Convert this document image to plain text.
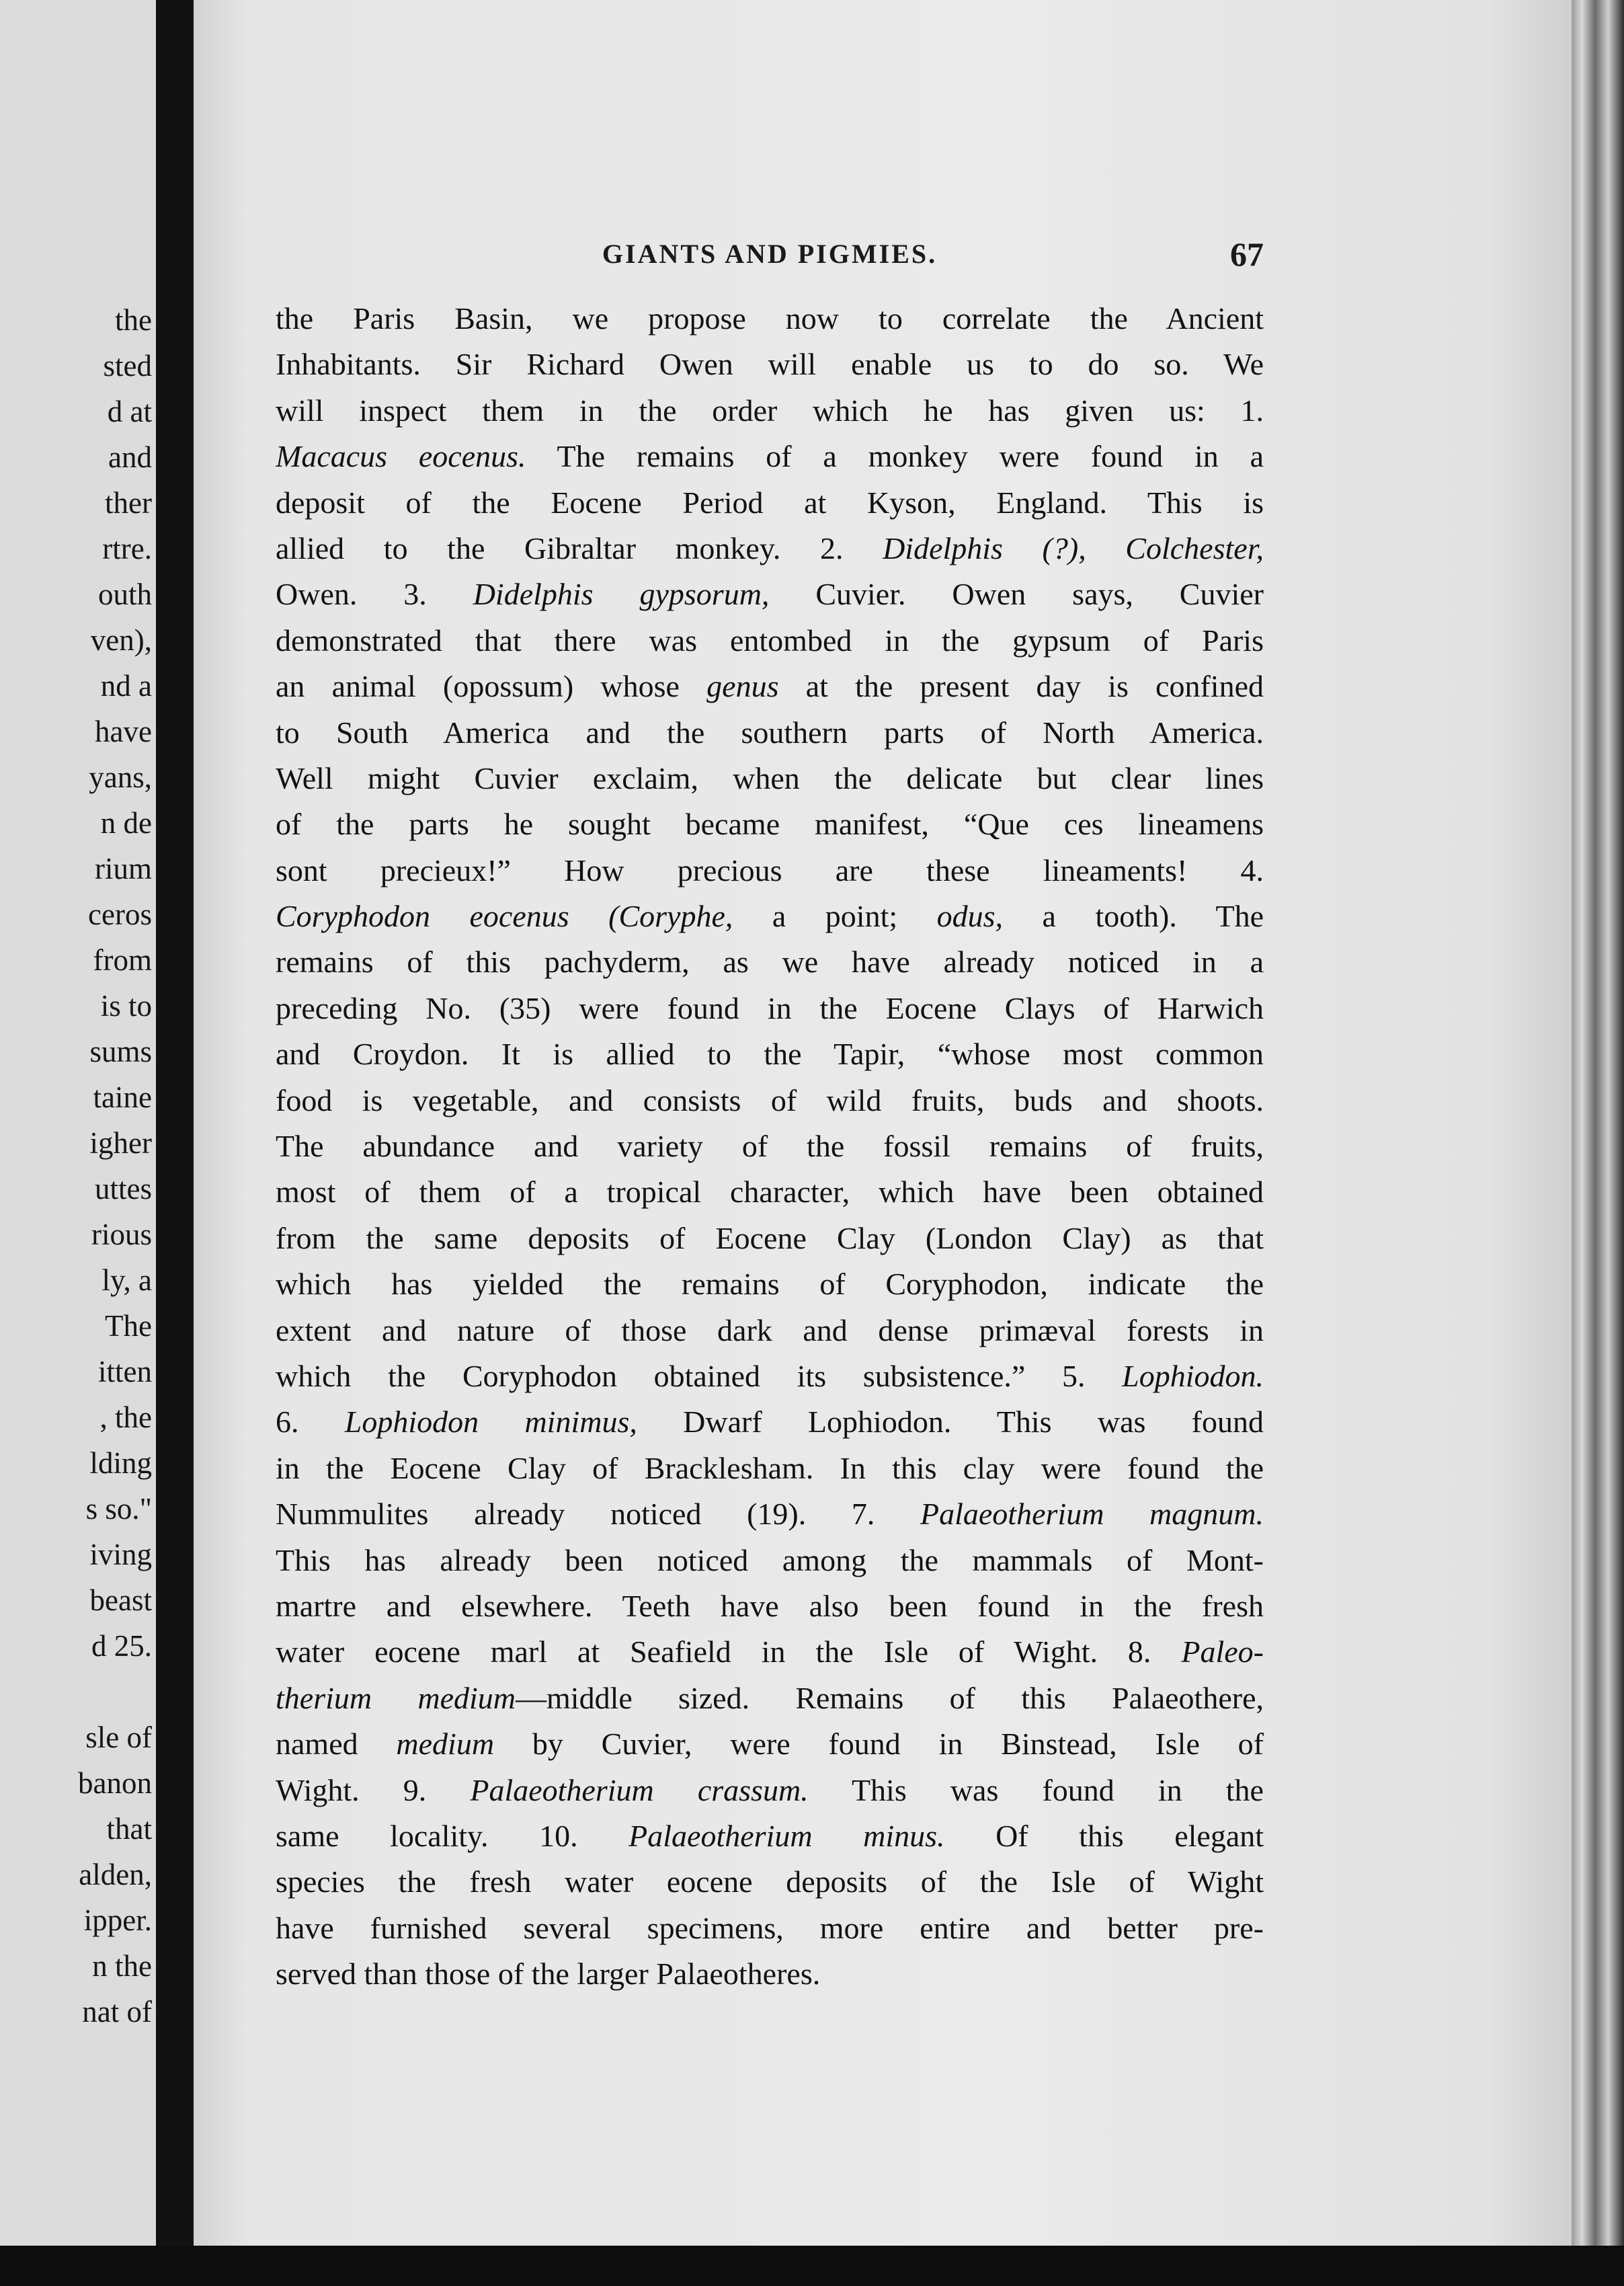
the
sted
d at
and
ther
rtre.
outh
ven),
nd a
have
yans,
n de
rium
ceros
from
is to
sums
taine
igher
uttes
rious
ly, a
The
itten
, the
lding
s so."
iving
beast
d 25.
sle of
banon
that
alden,
ipper.
n the
nat of
GIANTS AND PIGMIES.	67
the Paris Basin, we propose now to correlate the Ancient
Inhabitants. Sir Richard Owen will enable us to do so. We
will inspect them in the order which he has given us: 1.
Macacus eocenus. The remains of a monkey were found in a
deposit of the Eocene Period at Kyson, England. This is
allied to the Gibraltar monkey. 2. Didelphis (?), Colchester,
Owen. 3. Didelphis gypsorum, Cuvier. Owen says, Cuvier
demonstrated that there was entombed in the gypsum of Paris
an animal (opossum) whose genus at the present day is confined
to South America and the southern parts of North America.
Well might Cuvier exclaim, when the delicate but clear lines
of the parts he sought became manifest, “Que ces lineamens
sont precieux!” How precious are these lineaments! 4.
Coryphodon eocenus (Coryphe, a point; odus, a tooth). The
remains of this pachyderm, as we have already noticed in a
preceding No. (35) were found in the Eocene Clays of Harwich
and Croydon. It is allied to the Tapir, “whose most common
food is vegetable, and consists of wild fruits, buds and shoots.
The abundance and variety of the fossil remains of fruits,
most of them of a tropical character, which have been obtained
from the same deposits of Eocene Clay (London Clay) as that
which has yielded the remains of Coryphodon, indicate the
extent and nature of those dark and dense primæval forests in
which the Coryphodon obtained its subsistence.” 5. Lophiodon.
6. Lophiodon minimus, Dwarf Lophiodon. This was found
in the Eocene Clay of Bracklesham. In this clay were found the
Nummulites already noticed (19). 7. Palaeotherium magnum.
This has already been noticed among the mammals of Mont-
martre and elsewhere. Teeth have also been found in the fresh
water eocene marl at Seafield in the Isle of Wight. 8. Paleo-
therium medium—middle sized. Remains of this Palaeothere,
named medium by Cuvier, were found in Binstead, Isle of
Wight. 9. Palaeotherium crassum. This was found in the
same locality. 10. Palaeotherium minus. Of this elegant
species the fresh water eocene deposits of the Isle of Wight
have furnished several specimens, more entire and better pre-
served than those of the larger Palaeotheres.
